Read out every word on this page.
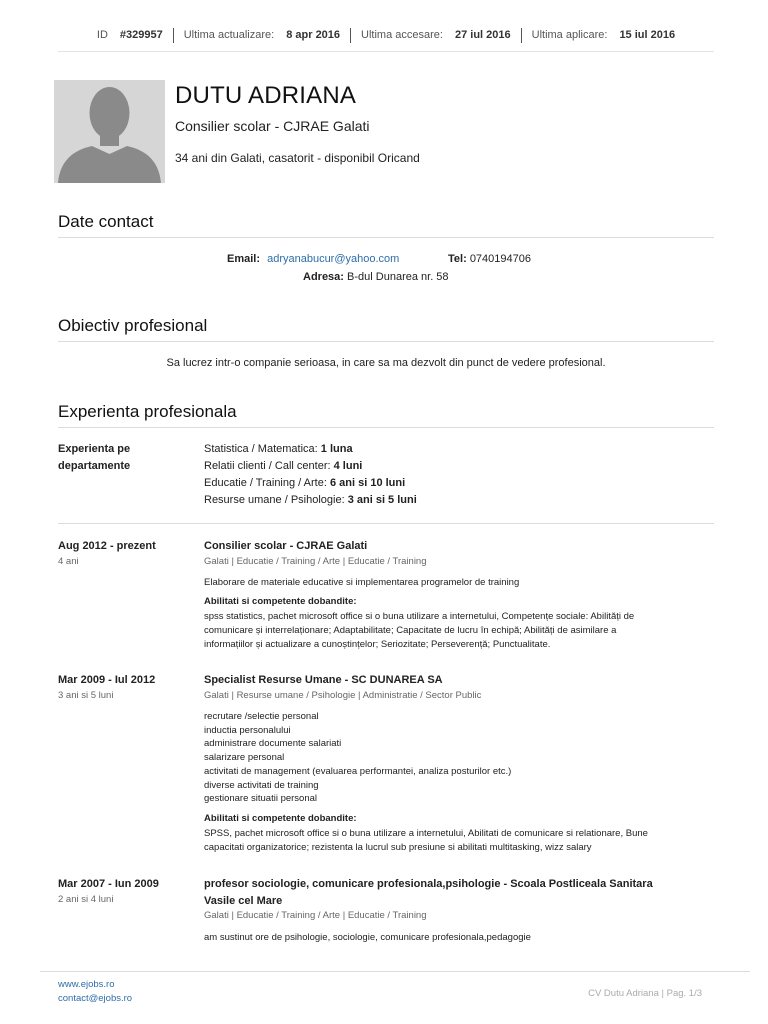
ID #329957 Ultima actualizare: 8 apr 2016 Ultima accesare: 27 iul 2016 Ultima aplicare: 15 iul 2016
DUTU ADRIANA
Consilier scolar - CJRAE Galati
34 ani din Galati, casatorit - disponibil Oricand
Date contact
Email: adryanabucur@yahoo.com	Tel: 0740194706
Adresa: B-dul Dunarea nr. 58
Obiectiv profesional
Sa lucrez intr-o companie serioasa, in care sa ma dezvolt din punct de vedere profesional.
Experienta profesionala
Experienta pe
departamente
Statistica / Matematica: 1 luna
Relatii clienti / Call center: 4 luni
Educatie / Training / Arte: 6 ani si 10 luni
Resurse umane / Psihologie: 3 ani si 5 luni
Aug 2012 - prezent
4 ani
Consilier scolar - CJRAE Galati
Galati | Educatie / Training / Arte | Educatie / Training
Elaborare de materiale educative si implementarea programelor de training
Abilitati si competente dobandite:
spss statistics, pachet microsoft office si o buna utilizare a internetului, Competențe sociale: Abilități de
comunicare și interrelaționare; Adaptabilitate; Capacitate de lucru în echipă; Abilități de asimilare a
informațiilor și actualizare a cunoștințelor; Seriozitate; Perseverență; Punctualitate.
Mar 2009 - Iul 2012
3 ani si 5 luni
Specialist Resurse Umane - SC DUNAREA SA
Galati | Resurse umane / Psihologie | Administratie / Sector Public
recrutare /selectie personal
inductia personalului
administrare documente salariati
salarizare personal
activitati de management (evaluarea performantei, analiza posturilor etc.)
diverse activitati de training
gestionare situatii personal
Abilitati si competente dobandite:
SPSS, pachet microsoft office si o buna utilizare a internetului, Abilitati de comunicare si relationare, Bune
capacitati organizatorice; rezistenta la lucrul sub presiune si abilitati multitasking, wizz salary
Mar 2007 - Iun 2009
2 ani si 4 luni
profesor sociologie, comunicare profesionala,psihologie - Scoala Postliceala Sanitara
Vasile cel Mare
Galati | Educatie / Training / Arte | Educatie / Training
am sustinut ore de psihologie, sociologie, comunicare profesionala,pedagogie
www.ejobs.ro
contact@ejobs.ro	CV Dutu Adriana | Pag. 1/3
